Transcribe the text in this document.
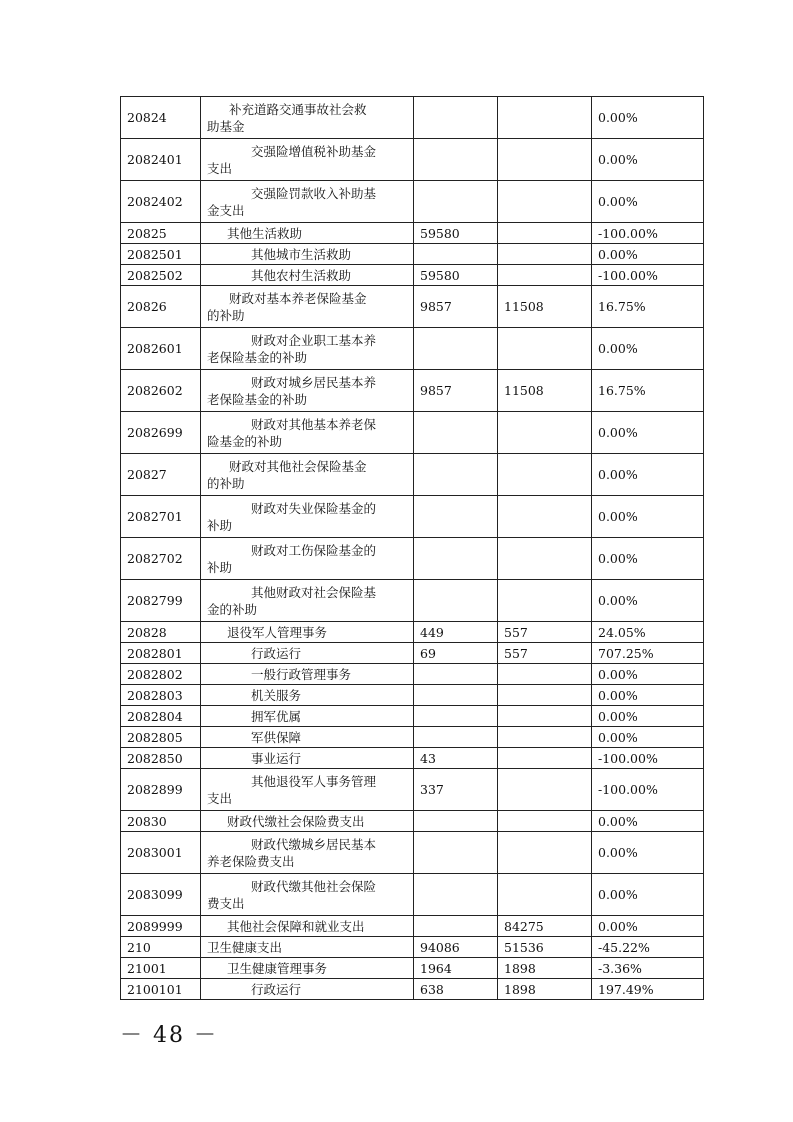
20824	补充道路交通事故社会救
助基金			0.00%
2082401	交强险增值税补助基金
支出			0.00%
2082402	交强险罚款收入补助基
金支出			0.00%
20825	其他生活救助	59580		-100.00%
2082501	其他城市生活救助			0.00%
2082502	其他农村生活救助	59580		-100.00%
20826	财政对基本养老保险基金
的补助	9857	11508	16.75%
2082601	财政对企业职工基本养
老保险基金的补助			0.00%
2082602	财政对城乡居民基本养
老保险基金的补助	9857	11508	16.75%
2082699	财政对其他基本养老保
险基金的补助			0.00%
20827	财政对其他社会保险基金
的补助			0.00%
2082701	财政对失业保险基金的
补助			0.00%
2082702	财政对工伤保险基金的
补助			0.00%
2082799	其他财政对社会保险基
金的补助			0.00%
20828	退役军人管理事务	449	557	24.05%
2082801	行政运行	69	557	707.25%
2082802	一般行政管理事务			0.00%
2082803	机关服务			0.00%
2082804	拥军优属			0.00%
2082805	军供保障			0.00%
2082850	事业运行	43		-100.00%
2082899	其他退役军人事务管理
支出	337		-100.00%
20830	财政代缴社会保险费支出			0.00%
2083001	财政代缴城乡居民基本
养老保险费支出			0.00%
2083099	财政代缴其他社会保险
费支出			0.00%
2089999	其他社会保障和就业支出		84275	0.00%
210	卫生健康支出	94086	51536	-45.22%
21001	卫生健康管理事务	1964	1898	-3.36%
2100101	行政运行	638	1898	197.49%
－ 48 －
